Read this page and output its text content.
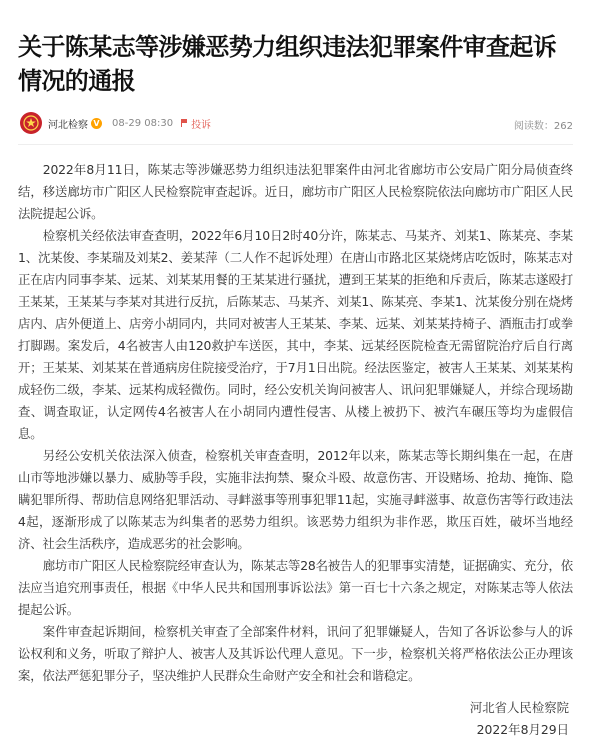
关于陈某志等涉嫌恶势力组织违法犯罪案件审查起诉情况的通报
河北检察 V 08-29 08:30 投诉	阅读数：262

2022年8月11日，陈某志等涉嫌恶势力组织违法犯罪案件由河北省廊坊市公安局广阳分局侦查终结，移送廊坊市广阳区人民检察院审查起诉。近日，廊坊市广阳区人民检察院依法向廊坊市广阳区人民法院提起公诉。

检察机关经依法审查查明，2022年6月10日2时40分许，陈某志、马某齐、刘某1、陈某亮、李某1、沈某俊、李某瑞及刘某2、姜某萍（二人作不起诉处理）在唐山市路北区某烧烤店吃饭时，陈某志对正在店内同事李某、远某、刘某某用餐的王某某进行骚扰，遭到王某某的拒绝和斥责后，陈某志遂殴打王某某，王某某与李某对其进行反抗，后陈某志、马某齐、刘某1、陈某亮、李某1、沈某俊分别在烧烤店内、店外便道上、店旁小胡同内，共同对被害人王某某、李某、远某、刘某某持椅子、酒瓶击打或拳打脚踢。案发后，4名被害人由120救护车送医，其中，李某、远某经医院检查无需留院治疗后自行离开；王某某、刘某某在普通病房住院接受治疗，于7月1日出院。经法医鉴定，被害人王某某、刘某某构成轻伤二级，李某、远某构成轻微伤。同时，经公安机关询问被害人、讯问犯罪嫌疑人，并综合现场勘查、调查取证，认定网传4名被害人在小胡同内遭性侵害、从楼上被扔下、被汽车碾压等均为虚假信息。

另经公安机关依法深入侦查，检察机关审查查明，2012年以来，陈某志等长期纠集在一起，在唐山市等地涉嫌以暴力、威胁等手段，实施非法拘禁、聚众斗殴、故意伤害、开设赌场、抢劫、掩饰、隐瞒犯罪所得、帮助信息网络犯罪活动、寻衅滋事等刑事犯罪11起，实施寻衅滋事、故意伤害等行政违法4起，逐渐形成了以陈某志为纠集者的恶势力组织。该恶势力组织为非作恶，欺压百姓，破坏当地经济、社会生活秩序，造成恶劣的社会影响。

廊坊市广阳区人民检察院经审查认为，陈某志等28名被告人的犯罪事实清楚，证据确实、充分，依法应当追究刑事责任，根据《中华人民共和国刑事诉讼法》第一百七十六条之规定，对陈某志等人依法提起公诉。

案件审查起诉期间，检察机关审查了全部案件材料，讯问了犯罪嫌疑人，告知了各诉讼参与人的诉讼权利和义务，听取了辩护人、被害人及其诉讼代理人意见。下一步，检察机关将严格依法公正办理该案，依法严惩犯罪分子，坚决维护人民群众生命财产安全和社会和谐稳定。

河北省人民检察院
2022年8月29日
